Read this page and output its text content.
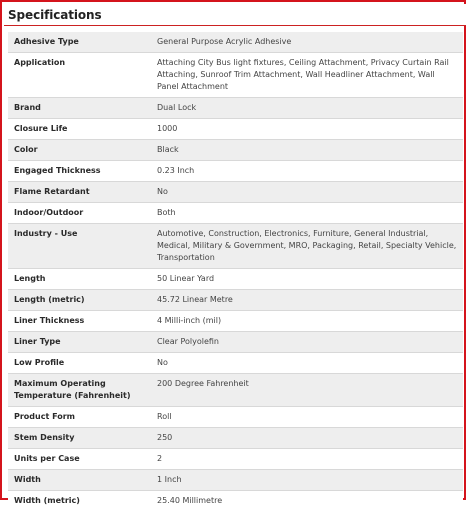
Specifications
Adhesive Type	General Purpose Acrylic Adhesive
Application	Attaching City Bus light fixtures, Ceiling Attachment, Privacy Curtain Rail Attaching, Sunroof Trim Attachment, Wall Headliner Attachment, Wall Panel Attachment
Brand	Dual Lock
Closure Life	1000
Color	Black
Engaged Thickness	0.23 Inch
Flame Retardant	No
Indoor/Outdoor	Both
Industry - Use	Automotive, Construction, Electronics, Furniture, General Industrial, Medical, Military & Government, MRO, Packaging, Retail, Specialty Vehicle, Transportation
Length	50 Linear Yard
Length (metric)	45.72 Linear Metre
Liner Thickness	4 Milli-inch (mil)
Liner Type	Clear Polyolefin
Low Profile	No
Maximum Operating Temperature (Fahrenheit)	200 Degree Fahrenheit
Product Form	Roll
Stem Density	250
Units per Case	2
Width	1 Inch
Width (metric)	25.40 Millimetre
